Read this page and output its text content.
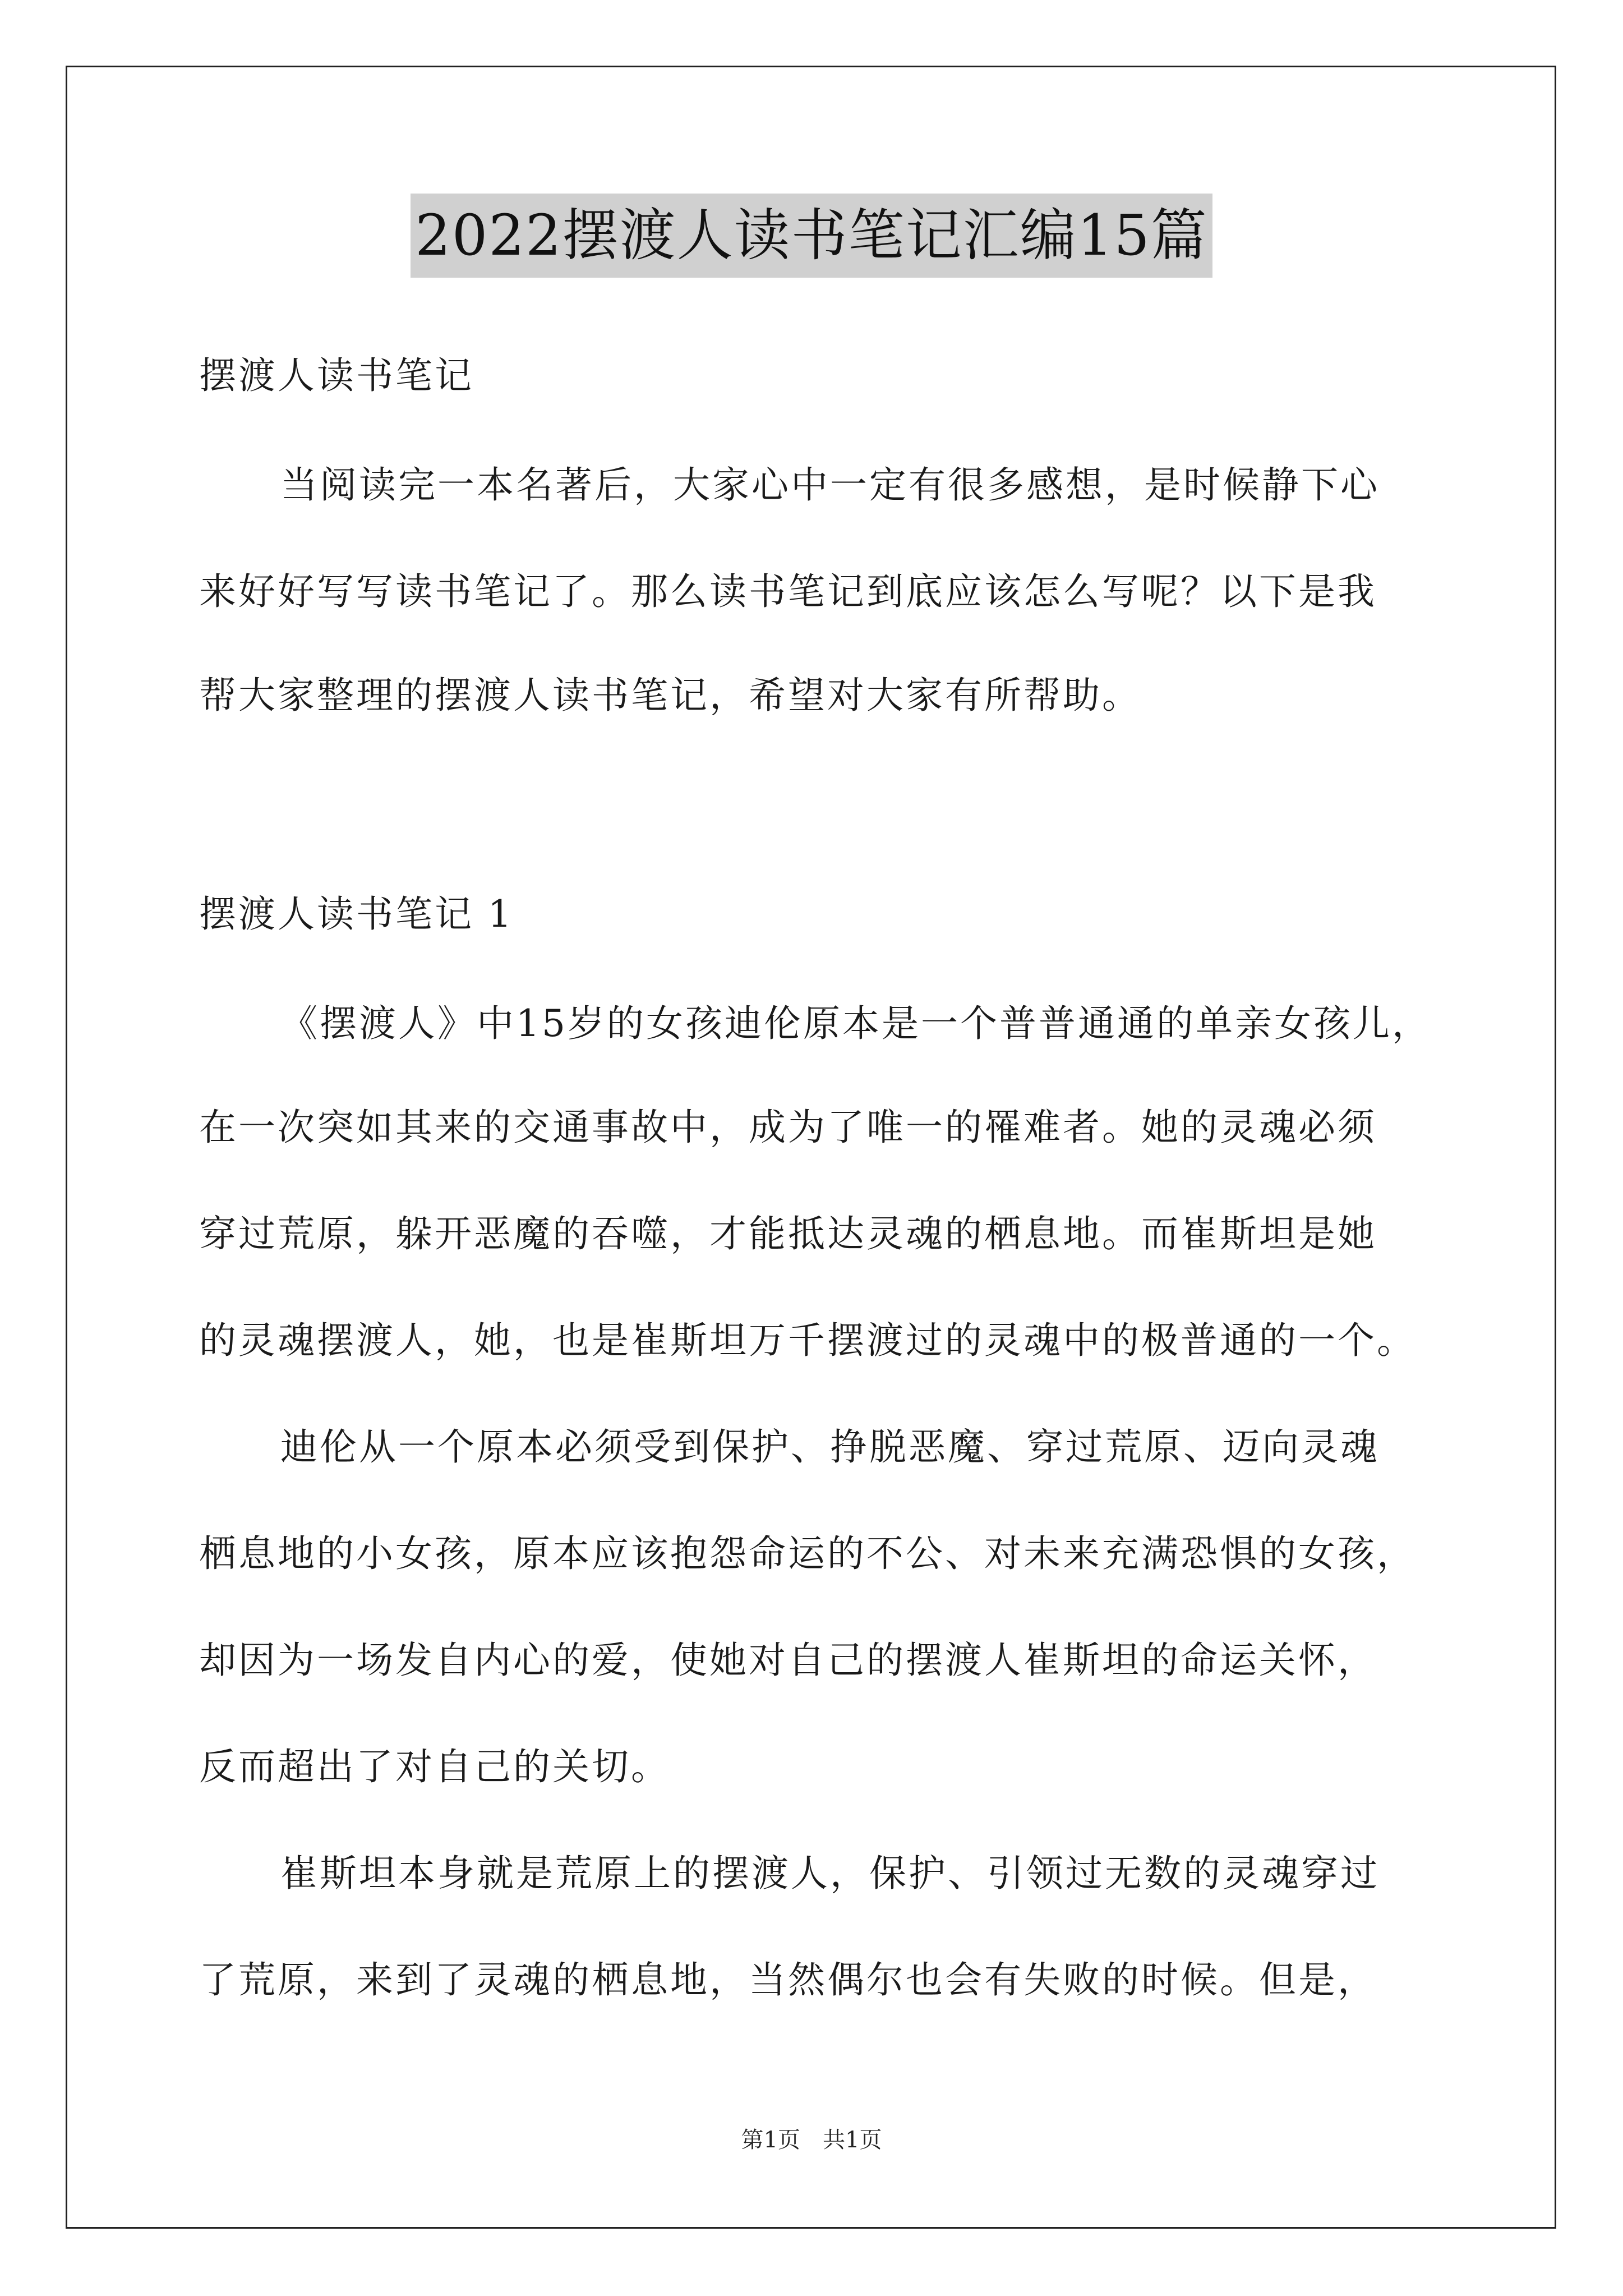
2022摆渡人读书笔记汇编15篇
摆渡人读书笔记
当阅读完一本名著后，大家心中一定有很多感想，是时候静下心
来好好写写读书笔记了。那么读书笔记到底应该怎么写呢？以下是我
帮大家整理的摆渡人读书笔记，希望对大家有所帮助。
摆渡人读书笔记 1
《摆渡人》中15岁的女孩迪伦原本是一个普普通通的单亲女孩儿，
在一次突如其来的交通事故中，成为了唯一的罹难者。她的灵魂必须
穿过荒原，躲开恶魔的吞噬，才能抵达灵魂的栖息地。而崔斯坦是她
的灵魂摆渡人，她，也是崔斯坦万千摆渡过的灵魂中的极普通的一个。
迪伦从一个原本必须受到保护、挣脱恶魔、穿过荒原、迈向灵魂
栖息地的小女孩，原本应该抱怨命运的不公、对未来充满恐惧的女孩，
却因为一场发自内心的爱，使她对自己的摆渡人崔斯坦的命运关怀，
反而超出了对自己的关切。
崔斯坦本身就是荒原上的摆渡人，保护、引领过无数的灵魂穿过
了荒原，来到了灵魂的栖息地，当然偶尔也会有失败的时候。但是，
第1页　共1页
